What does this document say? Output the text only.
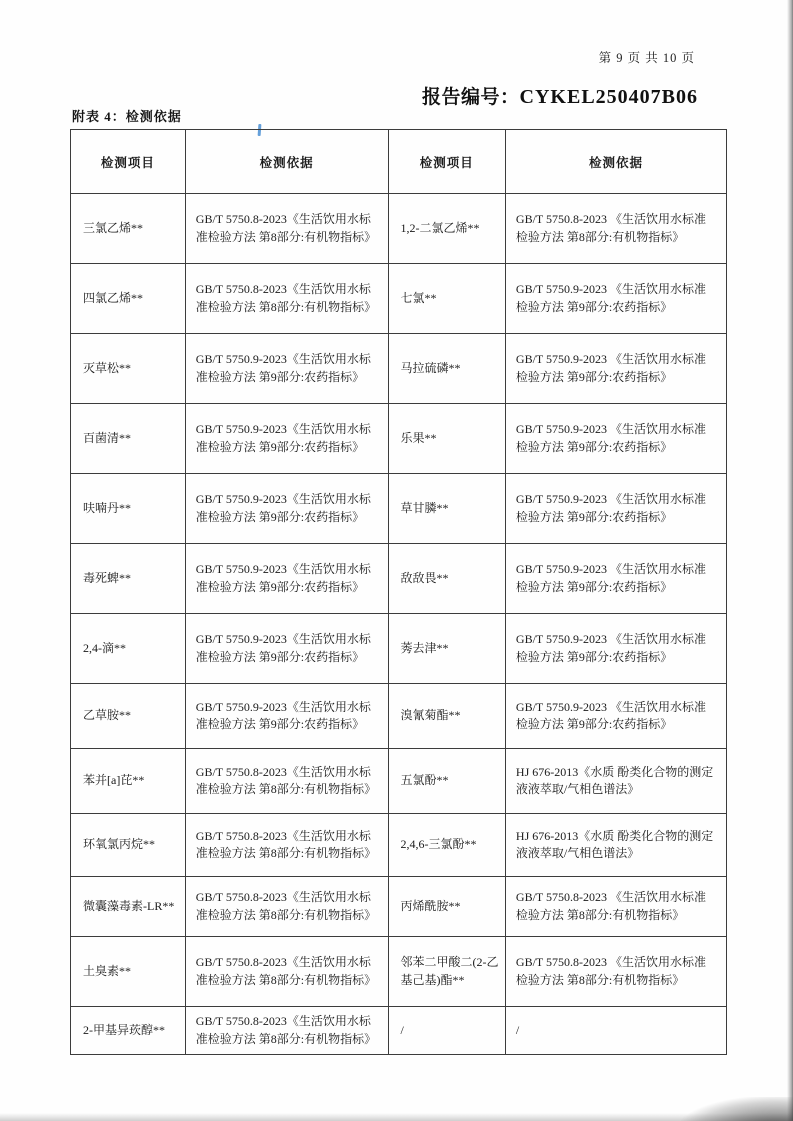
第 9 页 共 10 页
报告编号：CYKEL250407B06
附表 4：检测依据
检测项目	检测依据	检测项目	检测依据
三氯乙烯**	GB/T 5750.8-2023《生活饮用水标准检验方法 第8部分:有机物指标》	1,2-二氯乙烯**	GB/T 5750.8-2023 《生活饮用水标准检验方法 第8部分:有机物指标》
四氯乙烯**	GB/T 5750.8-2023《生活饮用水标准检验方法 第8部分:有机物指标》	七氯**	GB/T 5750.9-2023 《生活饮用水标准检验方法 第9部分:农药指标》
灭草松**	GB/T 5750.9-2023《生活饮用水标准检验方法 第9部分:农药指标》	马拉硫磷**	GB/T 5750.9-2023 《生活饮用水标准检验方法 第9部分:农药指标》
百菌清**	GB/T 5750.9-2023《生活饮用水标准检验方法 第9部分:农药指标》	乐果**	GB/T 5750.9-2023 《生活饮用水标准检验方法 第9部分:农药指标》
呋喃丹**	GB/T 5750.9-2023《生活饮用水标准检验方法 第9部分:农药指标》	草甘膦**	GB/T 5750.9-2023 《生活饮用水标准检验方法 第9部分:农药指标》
毒死蜱**	GB/T 5750.9-2023《生活饮用水标准检验方法 第9部分:农药指标》	敌敌畏**	GB/T 5750.9-2023 《生活饮用水标准检验方法 第9部分:农药指标》
2,4-滴**	GB/T 5750.9-2023《生活饮用水标准检验方法 第9部分:农药指标》	莠去津**	GB/T 5750.9-2023 《生活饮用水标准检验方法 第9部分:农药指标》
乙草胺**	GB/T 5750.9-2023《生活饮用水标准检验方法 第9部分:农药指标》	溴氰菊酯**	GB/T 5750.9-2023 《生活饮用水标准检验方法 第9部分:农药指标》
苯并[a]芘**	GB/T 5750.8-2023《生活饮用水标准检验方法 第8部分:有机物指标》	五氯酚**	HJ 676-2013《水质 酚类化合物的测定 液液萃取/气相色谱法》
环氧氯丙烷**	GB/T 5750.8-2023《生活饮用水标准检验方法 第8部分:有机物指标》	2,4,6-三氯酚**	HJ 676-2013《水质 酚类化合物的测定 液液萃取/气相色谱法》
微囊藻毒素-LR**	GB/T 5750.8-2023《生活饮用水标准检验方法 第8部分:有机物指标》	丙烯酰胺**	GB/T 5750.8-2023 《生活饮用水标准检验方法 第8部分:有机物指标》
土臭素**	GB/T 5750.8-2023《生活饮用水标准检验方法 第8部分:有机物指标》	邻苯二甲酸二(2-乙基己基)酯**	GB/T 5750.8-2023 《生活饮用水标准检验方法 第8部分:有机物指标》
2-甲基异莰醇**	GB/T 5750.8-2023《生活饮用水标准检验方法 第8部分:有机物指标》	/	/
